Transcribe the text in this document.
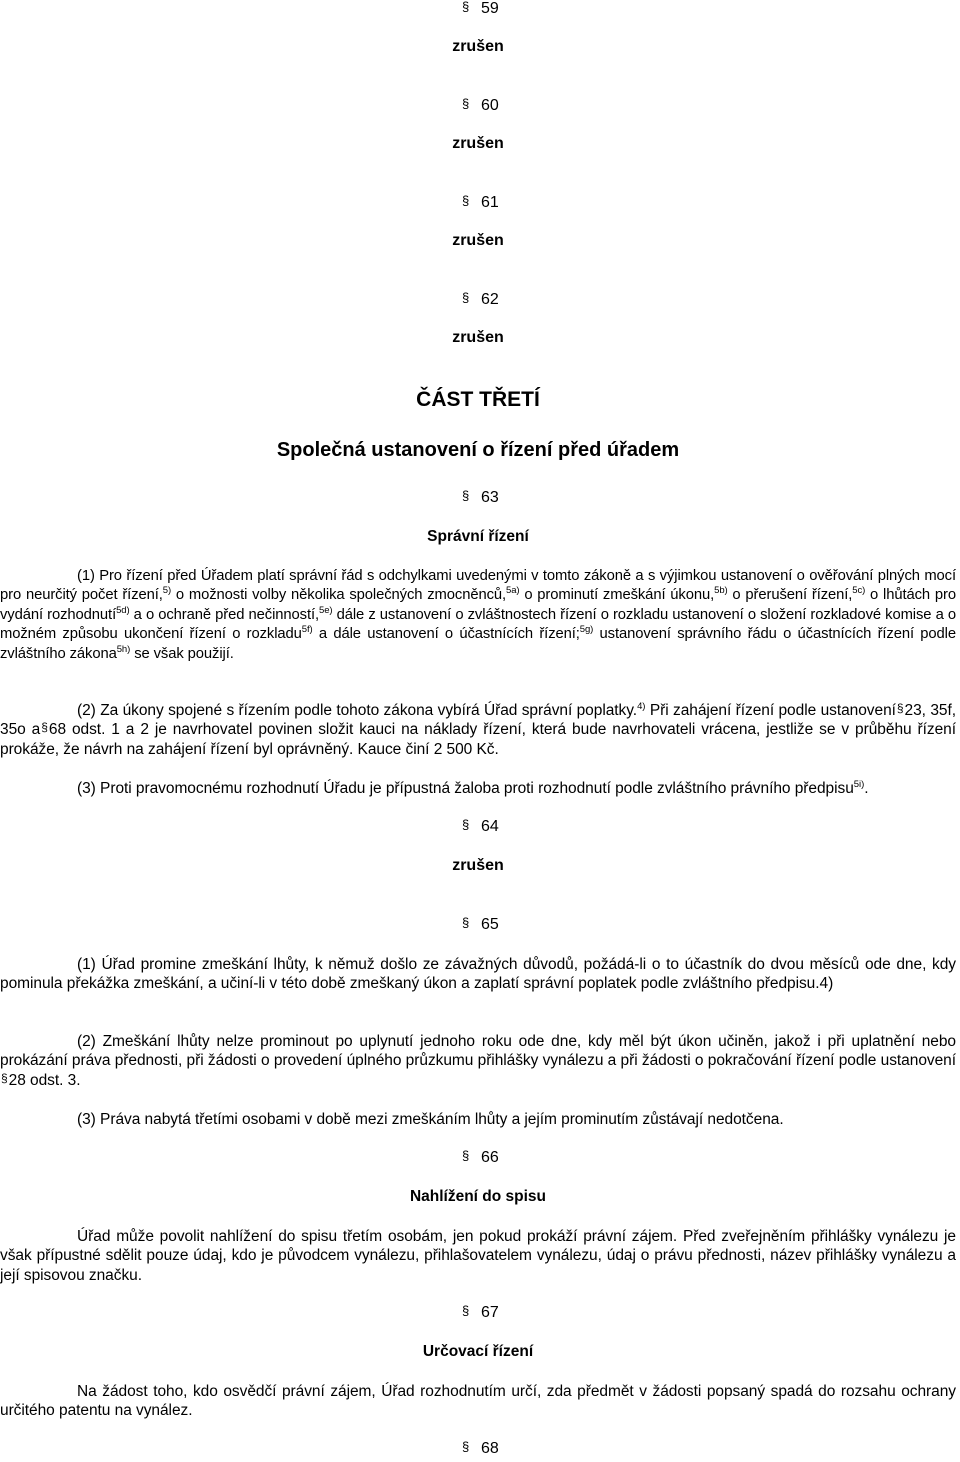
§59
zrušen
§60
zrušen
§61
zrušen
§62
zrušen
ČÁST TŘETÍ
Společná ustanovení o řízení před úřadem
§63
Správní řízení

(1) Pro řízení před Úřadem platí správní řád s odchylkami uvedenými v tomto zákoně a s výjimkou ustanovení o ověřování plných mocí pro neurčitý počet řízení,$^{5)}$ o možnosti volby několika společných zmocněnců,$^{5a)}$ o prominutí zmeškání úkonu,$^{5b)}$ o přerušení řízení,$^{5c)}$ o lhůtách pro vydání rozhodnutí$^{5d)}$ a o ochraně před nečinností,$^{5e)}$ dále z ustanovení o zvláštnostech řízení o rozkladu ustanovení o složení rozkladové komise a o možném způsobu ukončení řízení o rozkladu$^{5f)}$ a dále ustanovení o účastnících řízení;$^{5g)}$ ustanovení správního řádu o účastnících řízení podle zvláštního zákona$^{5h)}$ se však použijí.

(2) Za úkony spojené s řízením podle tohoto zákona vybírá Úřad správní poplatky.$^{4)}$ Při zahájení řízení podle ustanovení § 23, 35f, 35o a § 68 odst. 1 a 2 je navrhovatel povinen složit kauci na náklady řízení, která bude navrhovateli vrácena, jestliže se v průběhu řízení prokáže, že návrh na zahájení řízení byl oprávněný. Kauce činí 2 500 Kč.

(3) Proti pravomocnému rozhodnutí Úřadu je přípustná žaloba proti rozhodnutí podle zvláštního právního předpisu$^{5i)}$.

§64
zrušen
§65

(1) Úřad promine zmeškání lhůty, k němuž došlo ze závažných důvodů, požádá-li o to účastník do dvou měsíců ode dne, kdy pominula překážka zmeškání, a učiní-li v této době zmeškaný úkon a zaplatí správní poplatek podle zvláštního předpisu.4)

(2) Zmeškání lhůty nelze prominout po uplynutí jednoho roku ode dne, kdy měl být úkon učiněn, jakož i při uplatnění nebo prokázání práva přednosti, při žádosti o provedení úplného průzkumu přihlášky vynálezu a při žádosti o pokračování řízení podle ustanovení§28 odst. 3.

(3) Práva nabytá třetími osobami v době mezi zmeškáním lhůty a jejím prominutím zůstávají nedotčena.

§66
Nahlížení do spisu

Úřad může povolit nahlížení do spisu třetím osobám, jen pokud prokáží právní zájem. Před zveřejněním přihlášky vynálezu je však přípustné sdělit pouze údaj, kdo je původcem vynálezu, přihlašovatelem vynálezu, údaj o právu přednosti, název přihlášky vynálezu a její spisovou značku.

§67
Určovací řízení

Na žádost toho, kdo osvědčí právní zájem, Úřad rozhodnutím určí, zda předmět v žádosti popsaný spadá do rozsahu ochrany určitého patentu na vynález.

§68
